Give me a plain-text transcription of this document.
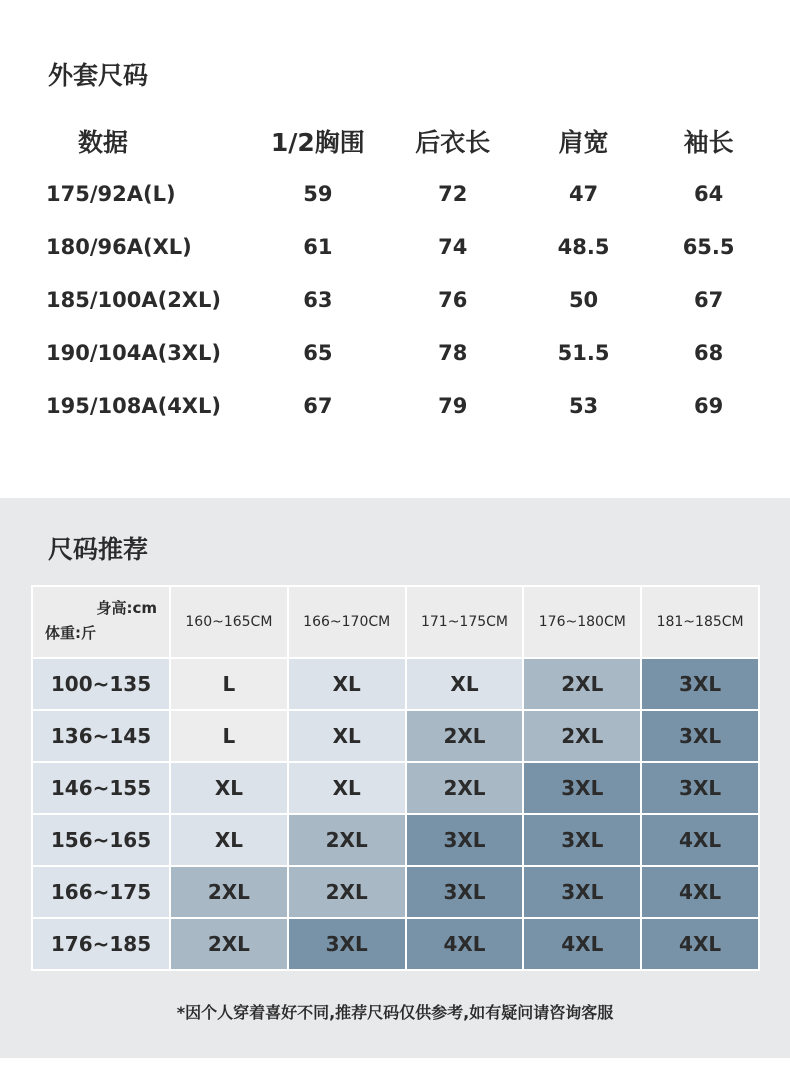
外套尺码
数据	1/2胸围	后衣长	肩宽	袖长
175/92A(L)	59	72	47	64
180/96A(XL)	61	74	48.5	65.5
185/100A(2XL)	63	76	50	67
190/104A(3XL)	65	78	51.5	68
195/108A(4XL)	67	79	53	69
尺码推荐
身高:cm
体重:斤	160~165CM	166~170CM	171~175CM	176~180CM	181~185CM
100~135	L	XL	XL	2XL	3XL
136~145	L	XL	2XL	2XL	3XL
146~155	XL	XL	2XL	3XL	3XL
156~165	XL	2XL	3XL	3XL	4XL
166~175	2XL	2XL	3XL	3XL	4XL
176~185	2XL	3XL	4XL	4XL	4XL
*因个人穿着喜好不同,推荐尺码仅供参考,如有疑问请咨询客服
